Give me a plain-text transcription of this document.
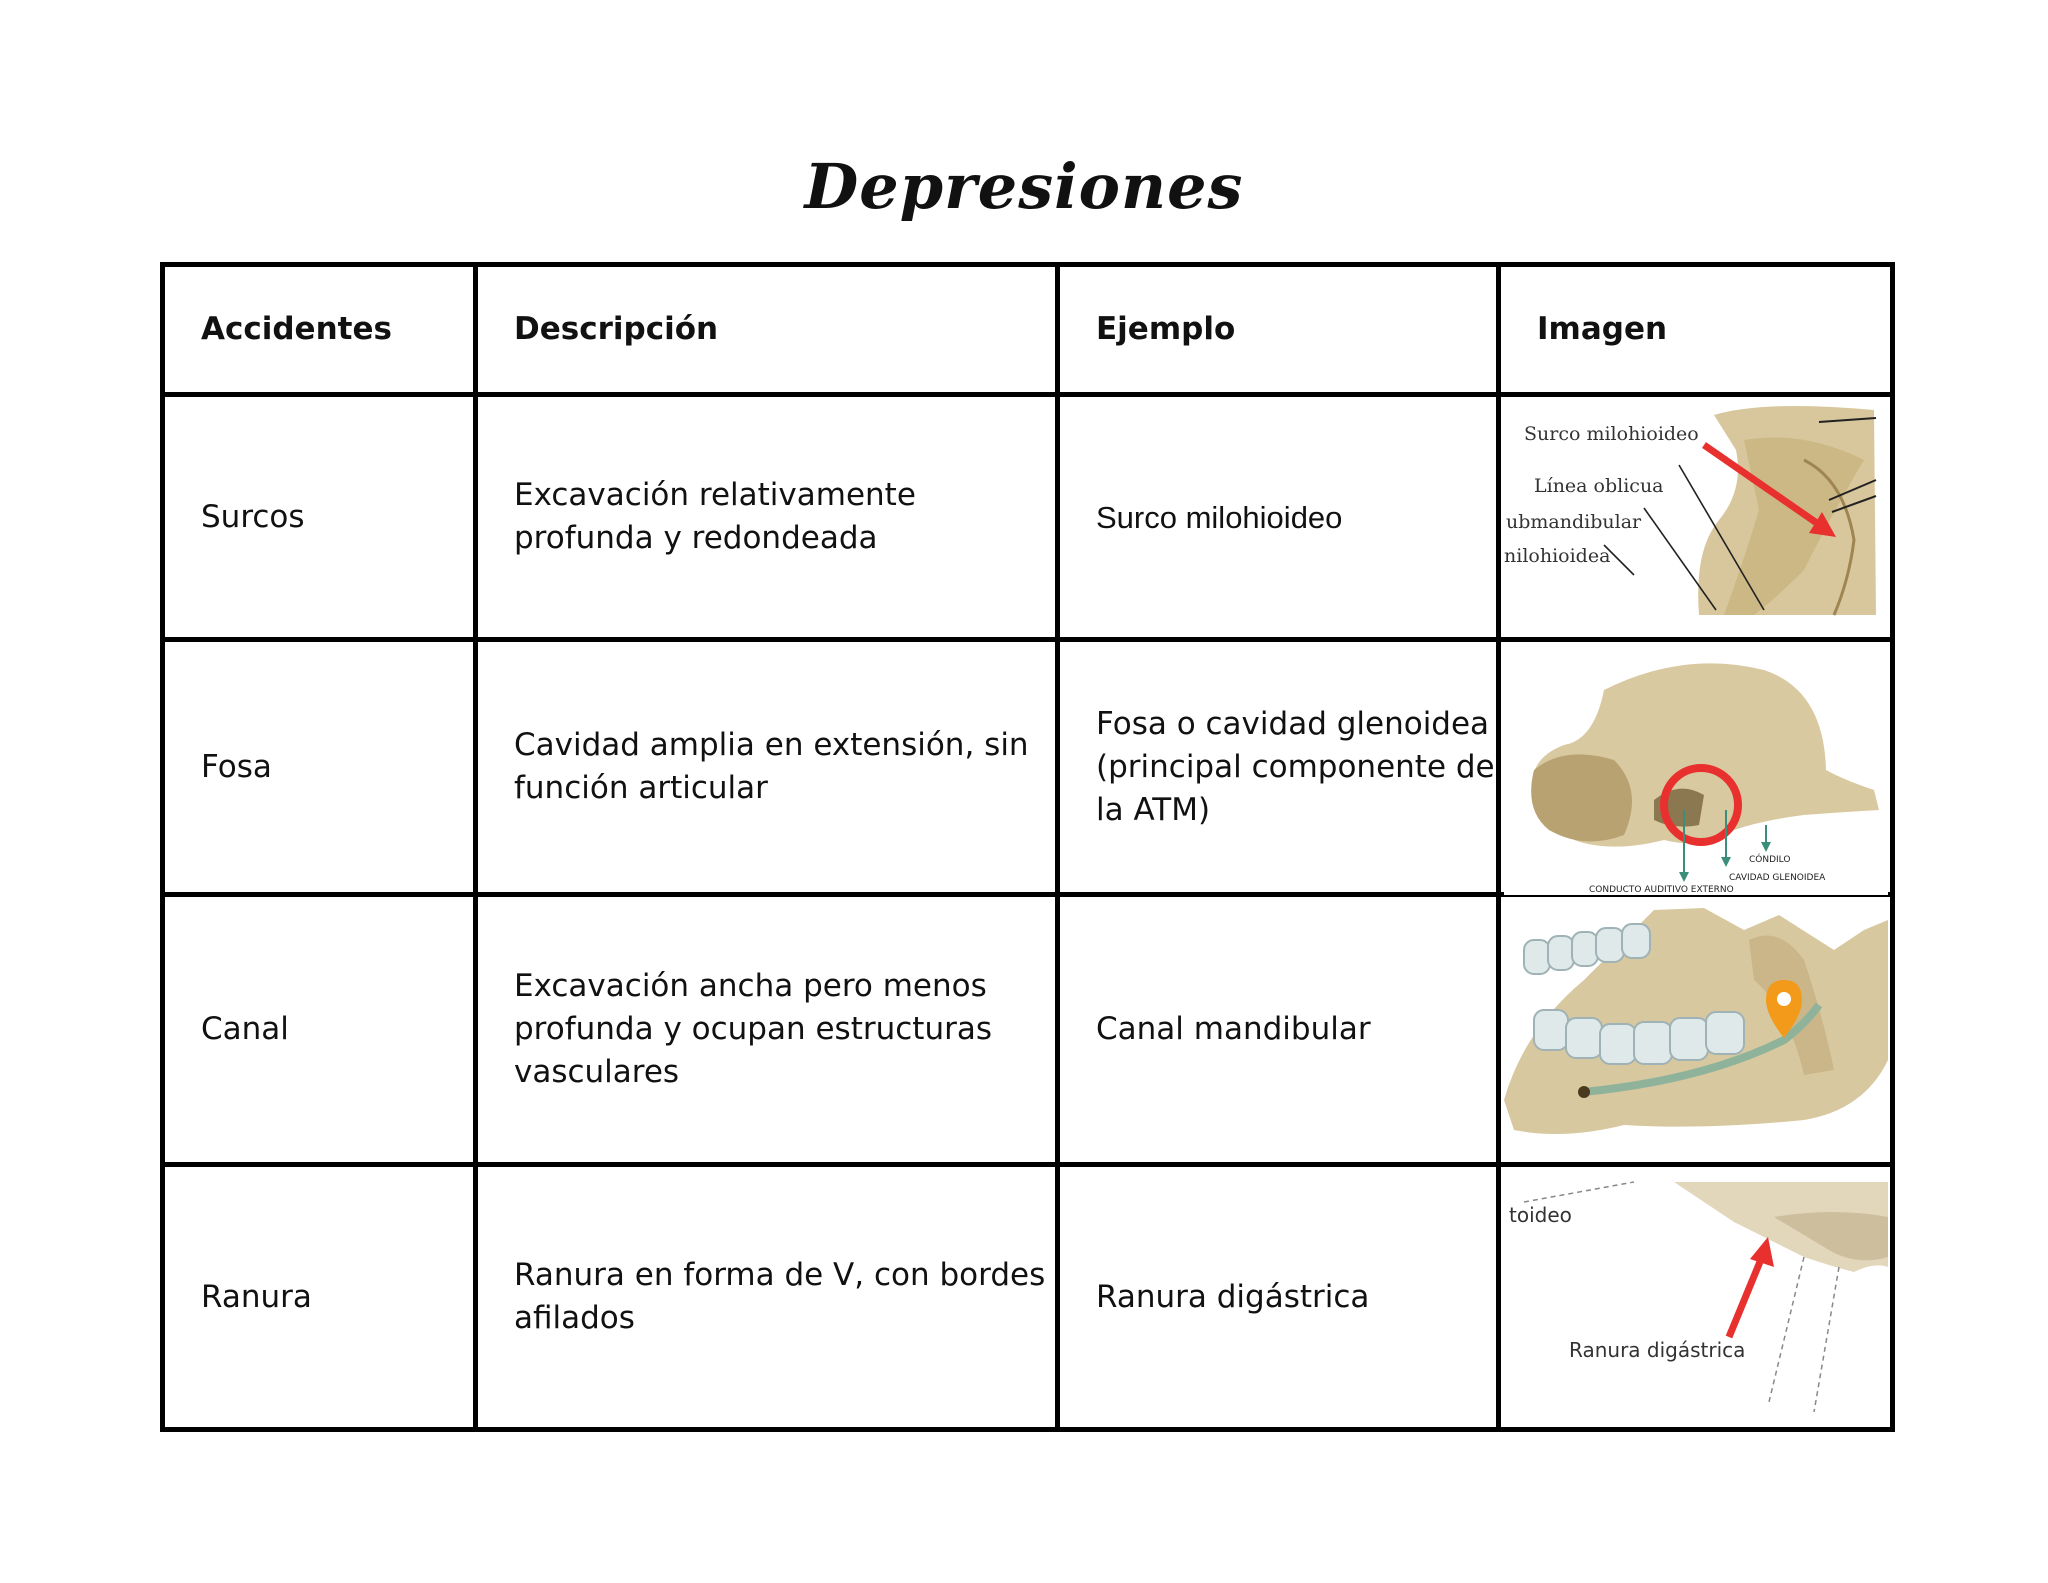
Depresiones
Accidentes	Descripción	Ejemplo	Imagen
Surcos	Excavación relativamente profunda y redondeada	Surco milohioideo	Surco milohioideo
Línea oblicua
ubmandibular
nilohioidea

Fosa	Cavidad amplia en extensión, sin función articular	Fosa o cavidad glenoidea (principal componente de la ATM)	CÓNDILO
CAVIDAD GLENOIDEA
CONDUCTO AUDITIVO EXTERNO

Canal	Excavación ancha pero menos profunda y ocupan estructuras vasculares	Canal mandibular	

Ranura	Ranura en forma de V, con bordes afilados	Ranura digástrica	toideo
Ranura digástrica
